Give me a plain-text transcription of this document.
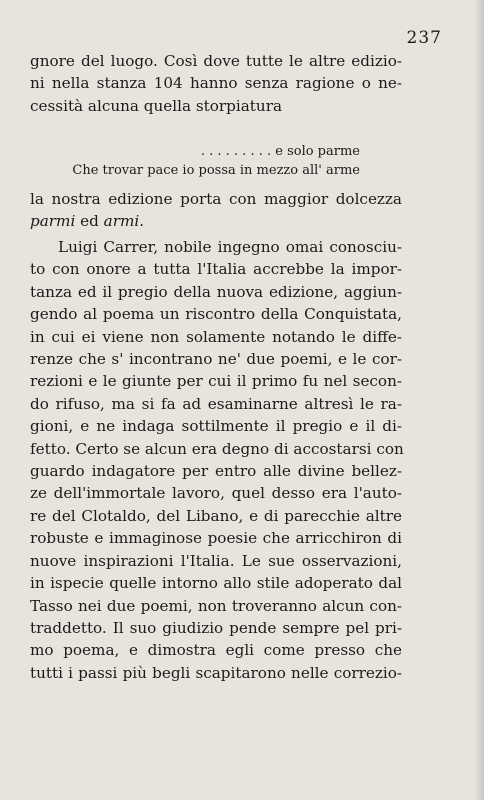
237
gnore del luogo. Così dove tutte le altre edizio-
ni nella stanza 104 hanno senza ragione o ne-
cessità alcuna quella storpiatura
. . . . . . . . . e solo parme
Che trovar pace io possa in mezzo all' arme
la nostra edizione porta con maggior dolcezza
parmi ed armi.
Luigi Carrer, nobile ingegno omai conosciu-
to con onore a tutta l'Italia accrebbe la impor-
tanza ed il pregio della nuova edizione, aggiun-
gendo al poema un riscontro della Conquistata,
in cui ei viene non solamente notando le diffe-
renze che s' incontrano ne' due poemi, e le cor-
rezioni e le giunte per cui il primo fu nel secon-
do rifuso, ma si fa ad esaminarne altresì le ra-
gioni, e ne indaga sottilmente il pregio e il di-
fetto. Certo se alcun era degno di accostarsi con
guardo indagatore per entro alle divine bellez-
ze dell'immortale lavoro, quel desso era l'auto-
re del Clotaldo, del Libano, e di parecchie altre
robuste e immaginose poesie che arricchiron di
nuove inspirazioni l'Italia. Le sue osservazioni,
in ispecie quelle intorno allo stile adoperato dal
Tasso nei due poemi, non troveranno alcun con-
traddetto. Il suo giudizio pende sempre pel pri-
mo poema, e dimostra egli come presso che
tutti i passi più begli scapitarono nelle correzio-
